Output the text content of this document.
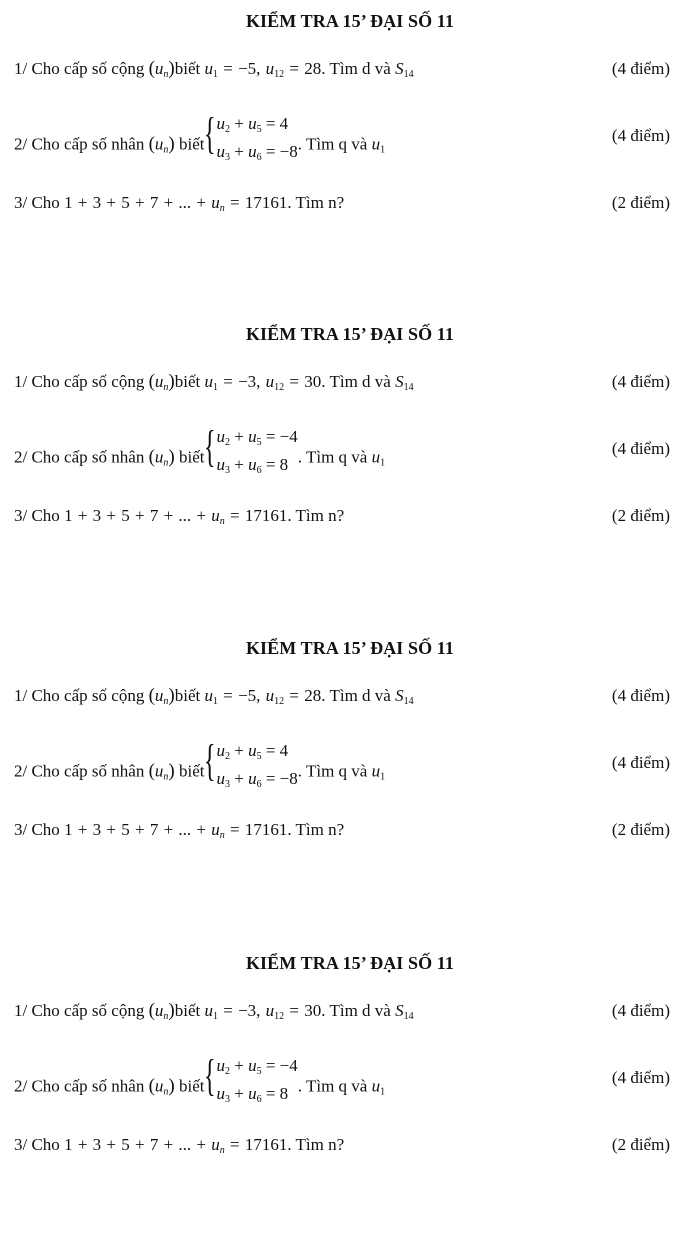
KIỂM TRA 15’ ĐẠI SỐ 11
1/ Cho cấp số cộng $(u_n)biết$ $u_1 = -5$, $u_{12} = 28$. Tìm d và $S_{14}$	(4 điểm)
2/ Cho cấp số nhân $(u_n)$ biết { $u_2 + u_5 = 4$
$u_3 + u_6 = -8$ . Tìm q và $u_1$
(4 điểm)
3/ Cho 1 + 3 + 5 + 7 + ... + $u_n = 17161$. Tìm n?	(2 điểm)
KIỂM TRA 15’ ĐẠI SỐ 11
1/ Cho cấp số cộng $(u_n)biết$ $u_1 = -3$, $u_{12} = 30$. Tìm d và $S_{14}$	(4 điểm)
2/ Cho cấp số nhân $(u_n)$ biết { $u_2 + u_5 = -4$
$u_3 + u_6 = 8$ . Tìm q và $u_1$
(4 điểm)
3/ Cho 1 + 3 + 5 + 7 + ... + $u_n = 17161$. Tìm n?	(2 điểm)
KIỂM TRA 15’ ĐẠI SỐ 11
1/ Cho cấp số cộng $(u_n)biết$ $u_1 = -5$, $u_{12} = 28$. Tìm d và $S_{14}$	(4 điểm)
2/ Cho cấp số nhân $(u_n)$ biết { $u_2 + u_5 = 4$
$u_3 + u_6 = -8$ . Tìm q và $u_1$
(4 điểm)
3/ Cho 1 + 3 + 5 + 7 + ... + $u_n = 17161$. Tìm n?	(2 điểm)
KIỂM TRA 15’ ĐẠI SỐ 11
1/ Cho cấp số cộng $(u_n)biết$ $u_1 = -3$, $u_{12} = 30$. Tìm d và $S_{14}$	(4 điểm)
2/ Cho cấp số nhân $(u_n)$ biết { $u_2 + u_5 = -4$
$u_3 + u_6 = 8$ . Tìm q và $u_1$
(4 điểm)
3/ Cho 1 + 3 + 5 + 7 + ... + $u_n = 17161$. Tìm n?	(2 điểm)
